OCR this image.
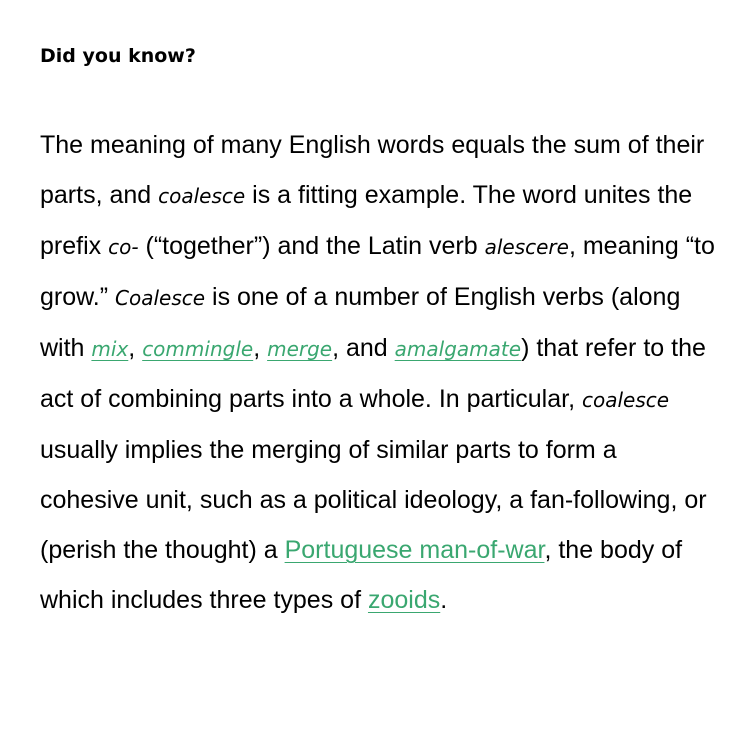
Did you know?

The meaning of many English words equals the sum of their parts, and coalesce is a fitting example. The word unites the prefix co- (“together”) and the Latin verb alescere, meaning “to grow.” Coalesce is one of a number of English verbs (along with mix, commingle, merge, and amalgamate) that refer to the act of combining parts into a whole. In particular, coalesce usually implies the merging of similar parts to form a cohesive unit, such as a political ideology, a fan-following, or (perish the thought) a Portuguese man-of-war, the body of which includes three types of zooids.
